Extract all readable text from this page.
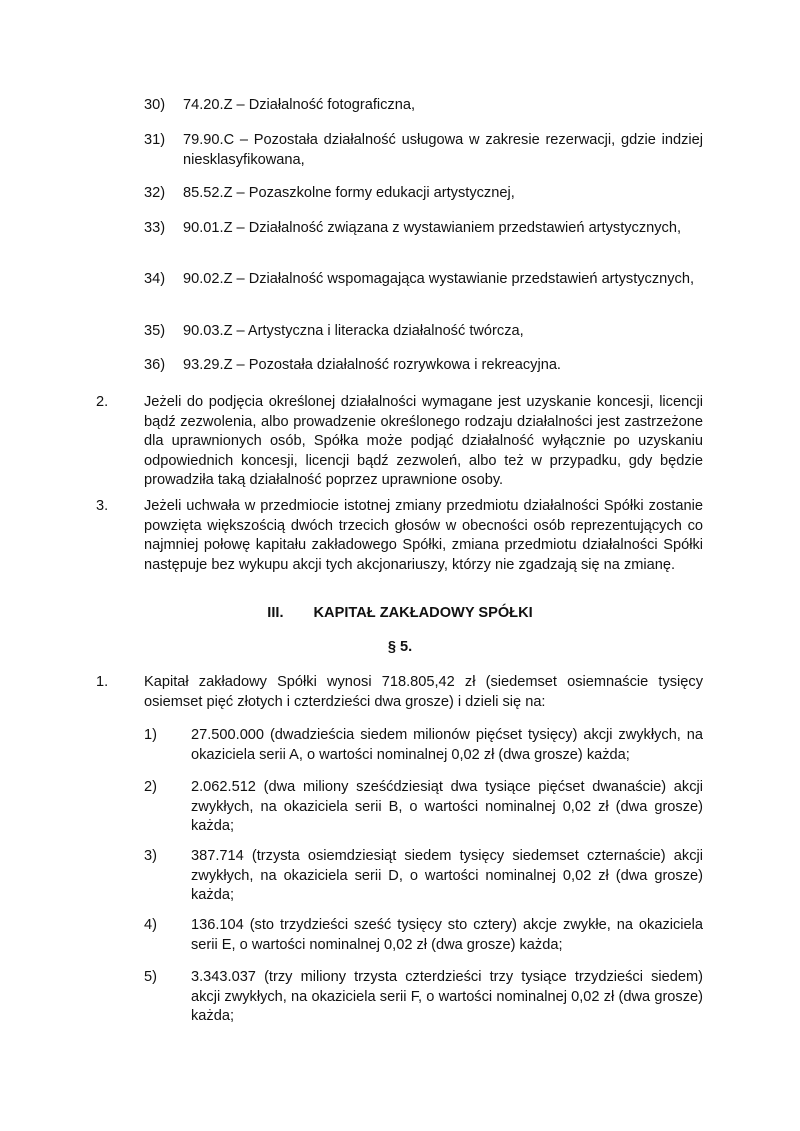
30) 74.20.Z – Działalność fotograficzna,
31) 79.90.C – Pozostała działalność usługowa w zakresie rezerwacji, gdzie indziej niesklasyfikowana,
32) 85.52.Z – Pozaszkolne formy edukacji artystycznej,
33) 90.01.Z – Działalność związana z wystawianiem przedstawień artystycznych,
34) 90.02.Z – Działalność wspomagająca wystawianie przedstawień artystycznych,
35) 90.03.Z – Artystyczna i literacka działalność twórcza,
36) 93.29.Z – Pozostała działalność rozrywkowa i rekreacyjna.
2. Jeżeli do podjęcia określonej działalności wymagane jest uzyskanie koncesji, licencji bądź zezwolenia, albo prowadzenie określonego rodzaju działalności jest zastrzeżone dla uprawnionych osób, Spółka może podjąć działalność wyłącznie po uzyskaniu odpowiednich koncesji, licencji bądź zezwoleń, albo też w przypadku, gdy będzie prowadziła taką działalność poprzez uprawnione osoby.
3. Jeżeli uchwała w przedmiocie istotnej zmiany przedmiotu działalności Spółki zostanie powzięta większością dwóch trzecich głosów w obecności osób reprezentujących co najmniej połowę kapitału zakładowego Spółki, zmiana przedmiotu działalności Spółki następuje bez wykupu akcji tych akcjonariuszy, którzy nie zgadzają się na zmianę.
III. KAPITAŁ ZAKŁADOWY SPÓŁKI
§ 5.
1. Kapitał zakładowy Spółki wynosi 718.805,42 zł (siedemset osiemnaście tysięcy osiemset pięć złotych i czterdzieści dwa grosze) i dzieli się na:
1) 27.500.000 (dwadzieścia siedem milionów pięćset tysięcy) akcji zwykłych, na okaziciela serii A, o wartości nominalnej 0,02 zł (dwa grosze) każda;
2) 2.062.512 (dwa miliony sześćdziesiąt dwa tysiące pięćset dwanaście) akcji zwykłych, na okaziciela serii B, o wartości nominalnej 0,02 zł (dwa grosze) każda;
3) 387.714 (trzysta osiemdziesiąt siedem tysięcy siedemset czternaście) akcji zwykłych, na okaziciela serii D, o wartości nominalnej 0,02 zł (dwa grosze) każda;
4) 136.104 (sto trzydzieści sześć tysięcy sto cztery) akcje zwykłe, na okaziciela serii E, o wartości nominalnej 0,02 zł (dwa grosze) każda;
5) 3.343.037 (trzy miliony trzysta czterdzieści trzy tysiące trzydzieści siedem) akcji zwykłych, na okaziciela serii F, o wartości nominalnej 0,02 zł (dwa grosze) każda;
